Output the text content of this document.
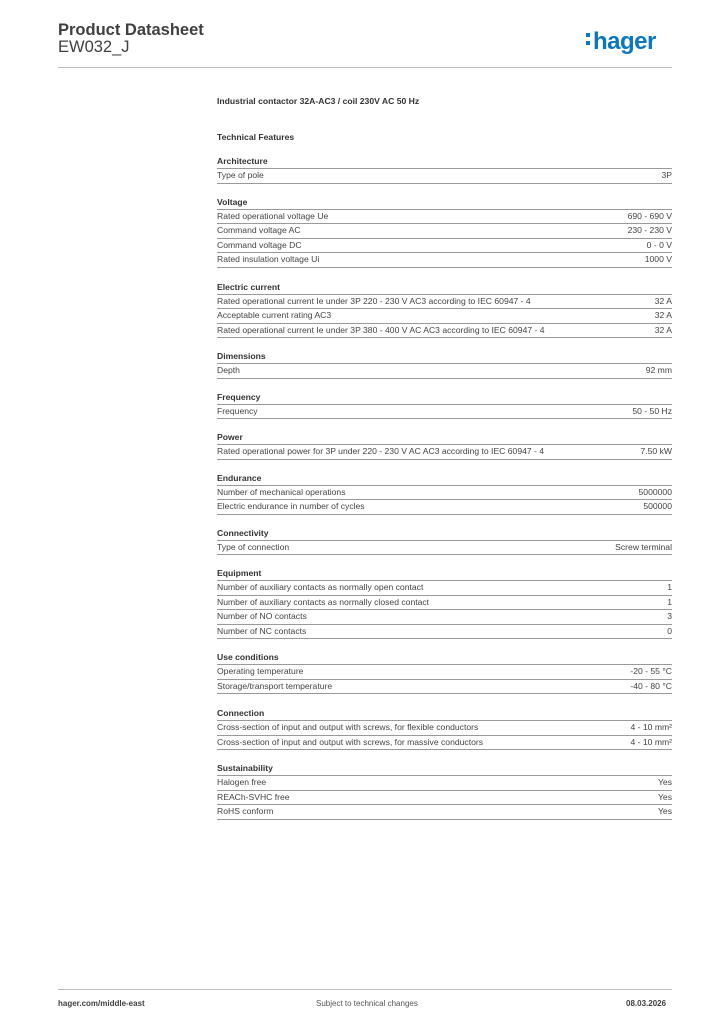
Product Datasheet
EW032_J	hager
Industrial contactor 32A-AC3 / coil 230V AC 50 Hz
Technical Features
Architecture
Type of pole	3P
Voltage
Rated operational voltage Ue	690 - 690 V
Command voltage AC	230 - 230 V
Command voltage DC	0 - 0 V
Rated insulation voltage Ui	1000 V
Electric current
Rated operational current Ie under 3P 220 - 230 V AC3 according to IEC 60947 - 4	32 A
Acceptable current rating AC3	32 A
Rated operational current Ie under 3P 380 - 400 V AC AC3 according to IEC 60947 - 4	32 A
Dimensions
Depth	92 mm
Frequency
Frequency	50 - 50 Hz
Power
Rated operational power for 3P under 220 - 230 V AC AC3 according to IEC 60947 - 4	7.50 kW
Endurance
Number of mechanical operations	5000000
Electric endurance in number of cycles	500000
Connectivity
Type of connection	Screw terminal
Equipment
Number of auxiliary contacts as normally open contact	1
Number of auxiliary contacts as normally closed contact	1
Number of NO contacts	3
Number of NC contacts	0
Use conditions
Operating temperature	-20 - 55 °C
Storage/transport temperature	-40 - 80 °C
Connection
Cross-section of input and output with screws, for flexible conductors	4 - 10 mm²
Cross-section of input and output with screws, for massive conductors	4 - 10 mm²
Sustainability
Halogen free	Yes
REACh-SVHC free	Yes
RoHS conform	Yes
hager.com/middle-east	Subject to technical changes	08.03.2026
